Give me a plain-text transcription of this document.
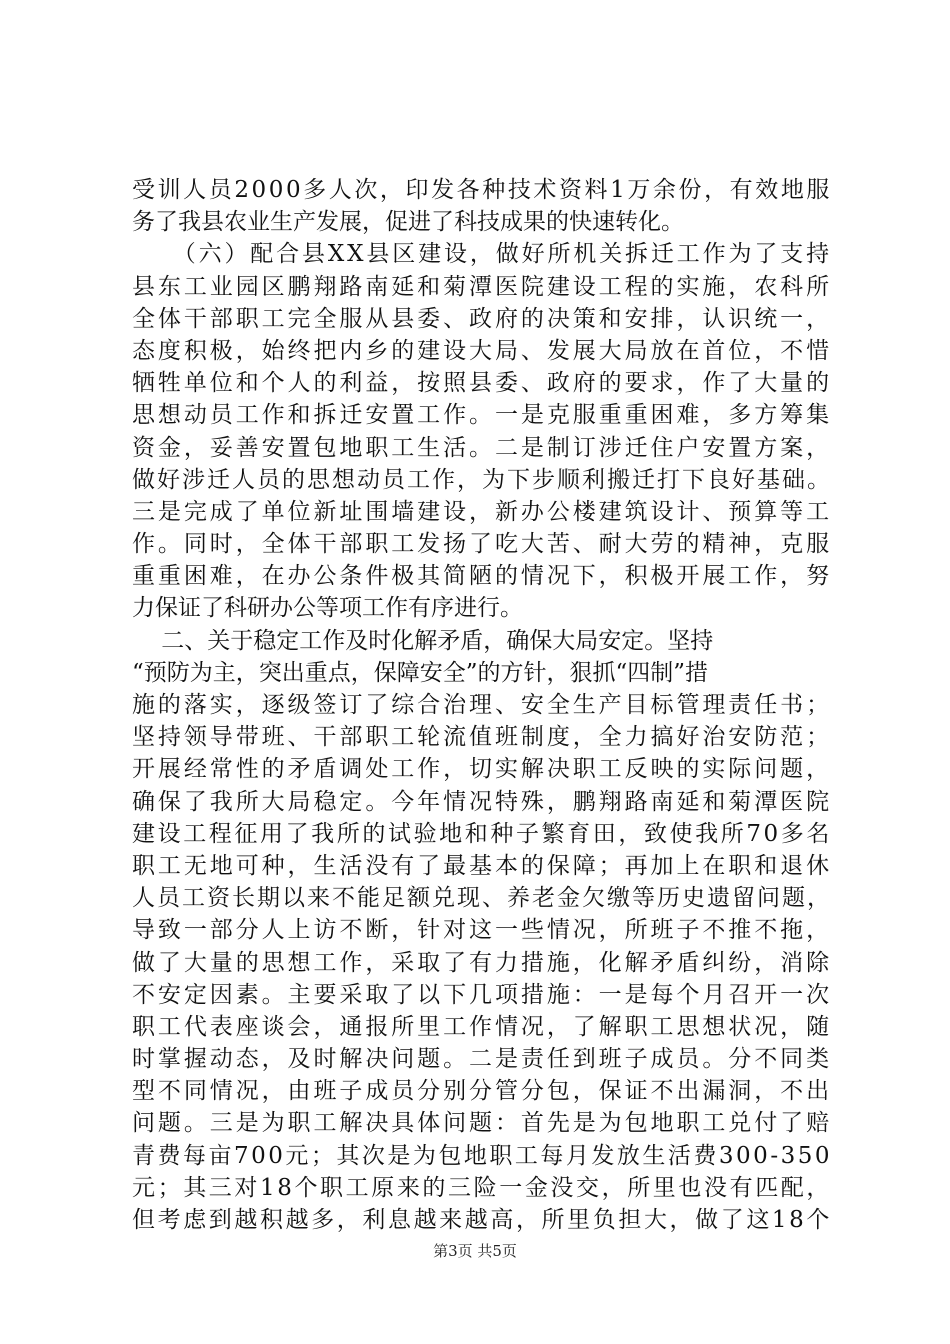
受训人员2000多人次，印发各种技术资料1万余份，有效地服
务了我县农业生产发展，促进了科技成果的快速转化。
（六）配合县XX县区建设，做好所机关拆迁工作为了支持
县东工业园区鹏翔路南延和菊潭医院建设工程的实施，农科所
全体干部职工完全服从县委、政府的决策和安排，认识统一，
态度积极，始终把内乡的建设大局、发展大局放在首位，不惜
牺牲单位和个人的利益，按照县委、政府的要求，作了大量的
思想动员工作和拆迁安置工作。一是克服重重困难，多方筹集
资金，妥善安置包地职工生活。二是制订涉迁住户安置方案，
做好涉迁人员的思想动员工作，为下步顺利搬迁打下良好基础。
三是完成了单位新址围墙建设，新办公楼建筑设计、预算等工
作。同时，全体干部职工发扬了吃大苦、耐大劳的精神，克服
重重困难，在办公条件极其简陋的情况下，积极开展工作，努
力保证了科研办公等项工作有序进行。
二、关于稳定工作及时化解矛盾，确保大局安定。坚持
“预防为主，突出重点，保障安全”的方针，狠抓“四制”措
施的落实，逐级签订了综合治理、安全生产目标管理责任书；
坚持领导带班、干部职工轮流值班制度，全力搞好治安防范；
开展经常性的矛盾调处工作，切实解决职工反映的实际问题，
确保了我所大局稳定。今年情况特殊，鹏翔路南延和菊潭医院
建设工程征用了我所的试验地和种子繁育田，致使我所70多名
职工无地可种，生活没有了最基本的保障；再加上在职和退休
人员工资长期以来不能足额兑现、养老金欠缴等历史遗留问题，
导致一部分人上访不断，针对这一些情况，所班子不推不拖，
做了大量的思想工作，采取了有力措施，化解矛盾纠纷，消除
不安定因素。主要采取了以下几项措施：一是每个月召开一次
职工代表座谈会，通报所里工作情况，了解职工思想状况，随
时掌握动态，及时解决问题。二是责任到班子成员。分不同类
型不同情况，由班子成员分别分管分包，保证不出漏洞，不出
问题。三是为职工解决具体问题：首先是为包地职工兑付了赔
青费每亩700元；其次是为包地职工每月发放生活费300-350
元；其三对18个职工原来的三险一金没交，所里也没有匹配，
但考虑到越积越多，利息越来越高，所里负担大，做了这18个
第3页 共5页
